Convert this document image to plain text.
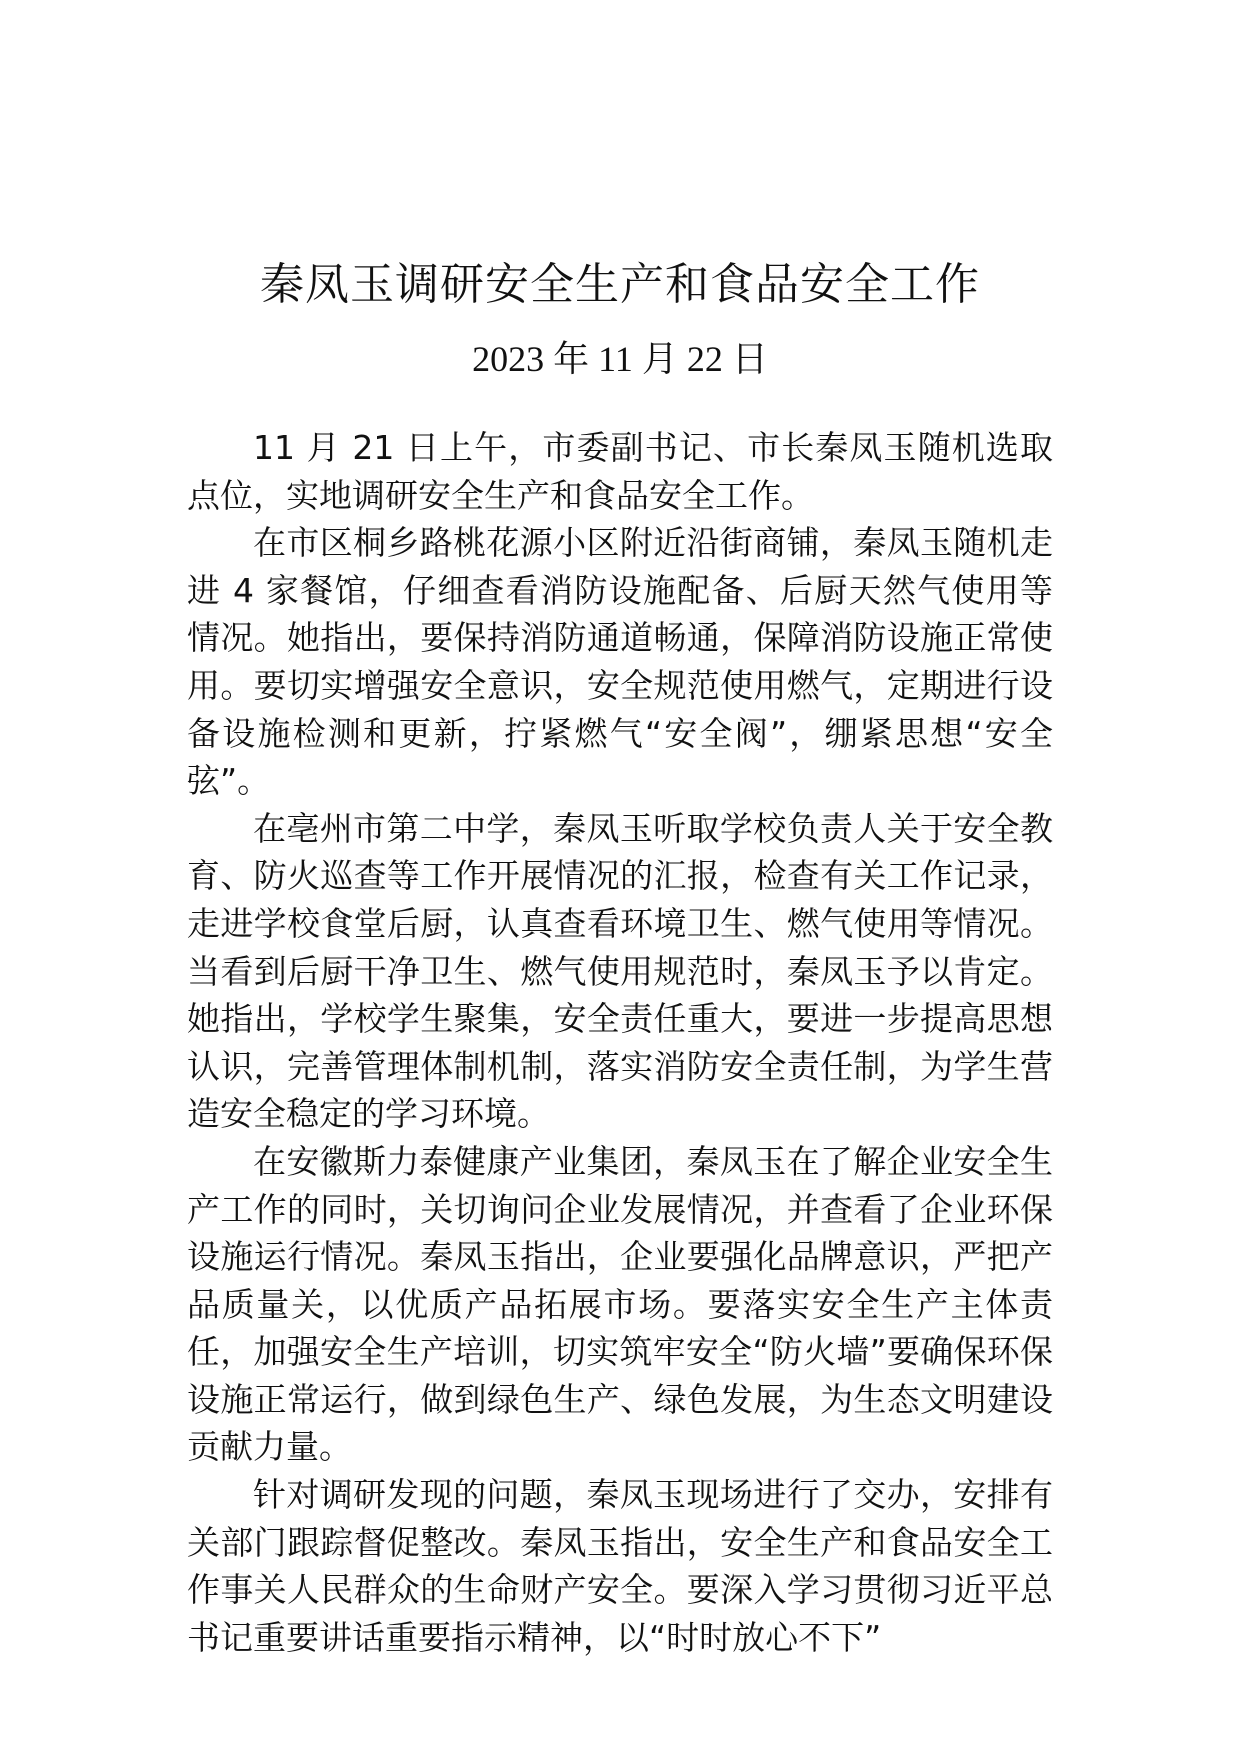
秦凤玉调研安全生产和食品安全工作
2023 年 11 月 22 日

11 月 21 日上午，市委副书记、市长秦凤玉随机选取点位，实地调研安全生产和食品安全工作。

在市区桐乡路桃花源小区附近沿街商铺，秦凤玉随机走进 4 家餐馆，仔细查看消防设施配备、后厨天然气使用等情况。她指出，要保持消防通道畅通，保障消防设施正常使用。要切实增强安全意识，安全规范使用燃气，定期进行设备设施检测和更新，拧紧燃气“安全阀”，绷紧思想“安全弦”。

在亳州市第二中学，秦凤玉听取学校负责人关于安全教育、防火巡查等工作开展情况的汇报，检查有关工作记录，走进学校食堂后厨，认真查看环境卫生、燃气使用等情况。当看到后厨干净卫生、燃气使用规范时，秦凤玉予以肯定。她指出，学校学生聚集，安全责任重大，要进一步提高思想认识，完善管理体制机制，落实消防安全责任制，为学生营造安全稳定的学习环境。

在安徽斯力泰健康产业集团，秦凤玉在了解企业安全生产工作的同时，关切询问企业发展情况，并查看了企业环保设施运行情况。秦凤玉指出，企业要强化品牌意识，严把产品质量关，以优质产品拓展市场。要落实安全生产主体责任，加强安全生产培训，切实筑牢安全“防火墙”要确保环保设施正常运行，做到绿色生产、绿色发展，为生态文明建设贡献力量。

针对调研发现的问题，秦凤玉现场进行了交办，安排有关部门跟踪督促整改。秦凤玉指出，安全生产和食品安全工作事关人民群众的生命财产安全。要深入学习贯彻习近平总书记重要讲话重要指示精神，以“时时放心不下”
